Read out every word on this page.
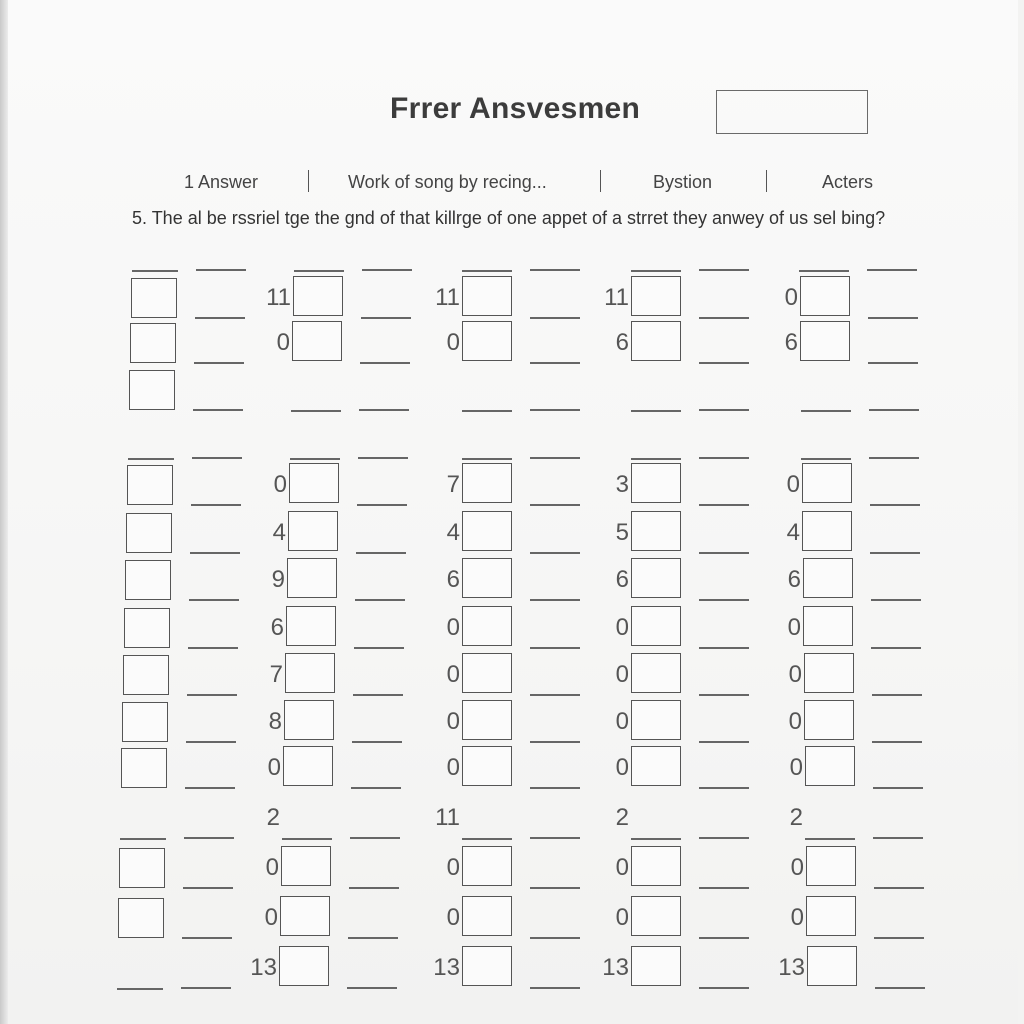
Frrer Ansvesmen
1 Answer	Work of song by recing...	Bystion	Acters
5. The al be rssriel tge the gnd of that killrge of one appet of a strret they anwey of us sel bing?
11	11	11	0
0	0	6	6
0	7	3	0
4	4	5	4
9	6	6	6
6	0	0	0
7	0	0	0
8	0	0	0
0	0	0	0
2	11	2	2
0	0	0	0
0	0	0	0
13	13	13	13
